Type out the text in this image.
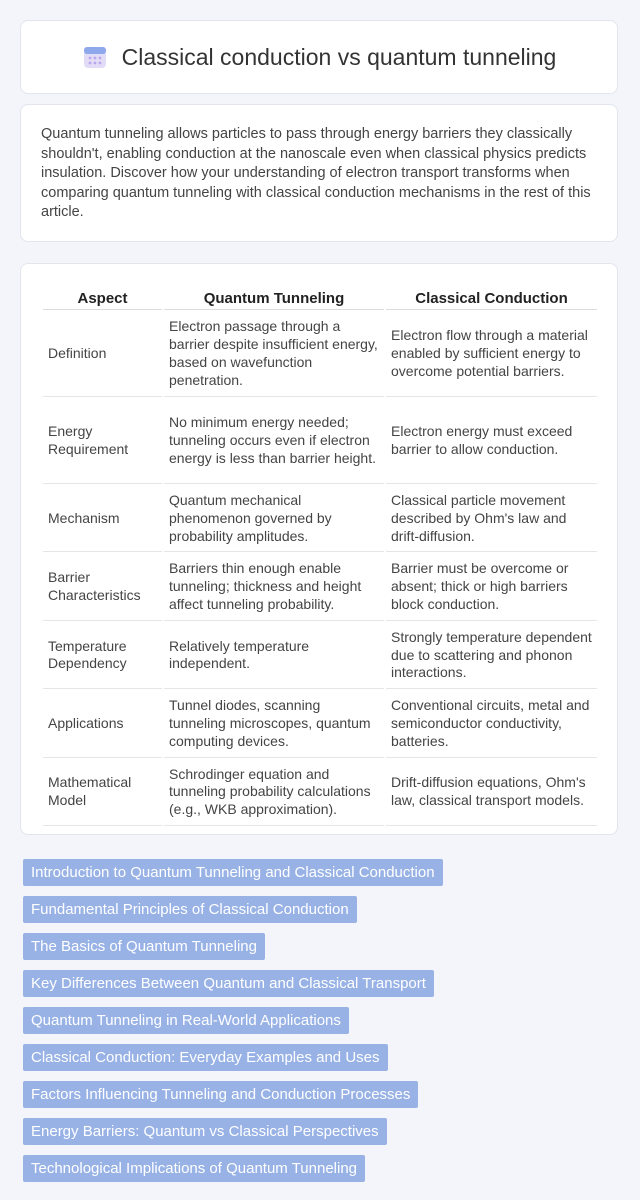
Classical conduction vs quantum tunneling

Quantum tunneling allows particles to pass through energy barriers they classically shouldn't, enabling conduction at the nanoscale even when classical physics predicts insulation. Discover how your understanding of electron transport transforms when comparing quantum tunneling with classical conduction mechanisms in the rest of this article.

Aspect	Quantum Tunneling	Classical Conduction
Definition	Electron passage through a barrier despite insufficient energy, based on wavefunction penetration.	Electron flow through a material enabled by sufficient energy to overcome potential barriers.
Energy Requirement	No minimum energy needed; tunneling occurs even if electron energy is less than barrier height.	Electron energy must exceed barrier to allow conduction.
Mechanism	Quantum mechanical phenomenon governed by probability amplitudes.	Classical particle movement described by Ohm's law and drift-diffusion.
Barrier Characteristics	Barriers thin enough enable tunneling; thickness and height affect tunneling probability.	Barrier must be overcome or absent; thick or high barriers block conduction.
Temperature Dependency	Relatively temperature independent.	Strongly temperature dependent due to scattering and phonon interactions.
Applications	Tunnel diodes, scanning tunneling microscopes, quantum computing devices.	Conventional circuits, metal and semiconductor conductivity, batteries.
Mathematical Model	Schrodinger equation and tunneling probability calculations (e.g., WKB approximation).	Drift-diffusion equations, Ohm's law, classical transport models.
Introduction to Quantum Tunneling and Classical Conduction
Fundamental Principles of Classical Conduction
The Basics of Quantum Tunneling
Key Differences Between Quantum and Classical Transport
Quantum Tunneling in Real-World Applications
Classical Conduction: Everyday Examples and Uses
Factors Influencing Tunneling and Conduction Processes
Energy Barriers: Quantum vs Classical Perspectives
Technological Implications of Quantum Tunneling
